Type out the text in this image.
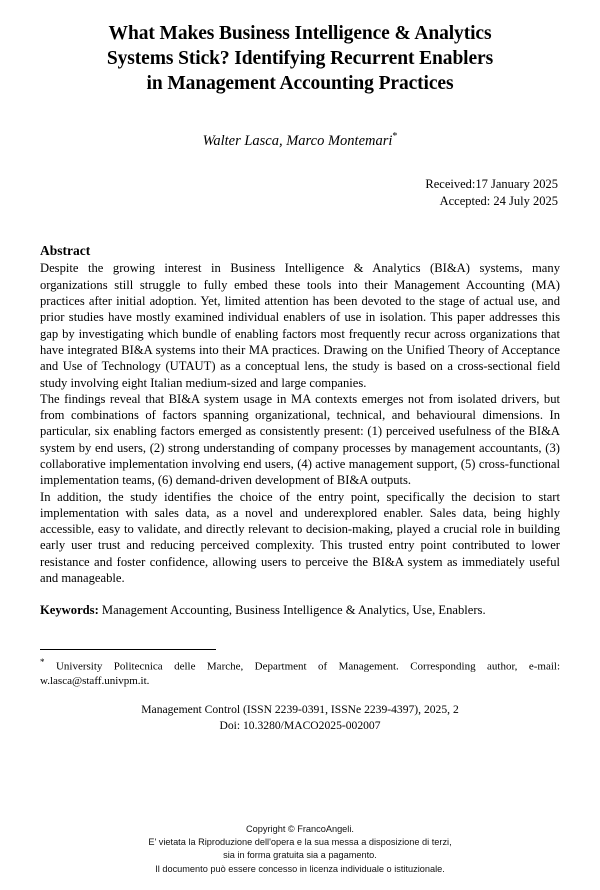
What Makes Business Intelligence & Analytics
Systems Stick? Identifying Recurrent Enablers
in Management Accounting Practices
Walter Lasca, Marco Montemari*
Received:17 January 2025
Accepted: 24 July 2025
Abstract

Despite the growing interest in Business Intelligence & Analytics (BI&A) systems, many organizations still struggle to fully embed these tools into their Management Accounting (MA) practices after initial adoption. Yet, limited attention has been devoted to the stage of actual use, and prior studies have mostly examined individual enablers of use in isolation. This paper addresses this gap by investigating which bundle of enabling factors most frequently recur across organizations that have integrated BI&A systems into their MA practices. Drawing on the Unified Theory of Acceptance and Use of Technology (UTAUT) as a conceptual lens, the study is based on a cross-sectional field study involving eight Italian medium-sized and large companies.

The findings reveal that BI&A system usage in MA contexts emerges not from isolated drivers, but from combinations of factors spanning organizational, technical, and behavioural dimensions. In particular, six enabling factors emerged as consistently present: (1) perceived usefulness of the BI&A system by end users, (2) strong understanding of company processes by management accountants, (3) collaborative implementation involving end users, (4) active management support, (5) cross-functional implementation teams, (6) demand-driven development of BI&A outputs.

In addition, the study identifies the choice of the entry point, specifically the decision to start implementation with sales data, as a novel and underexplored enabler. Sales data, being highly accessible, easy to validate, and directly relevant to decision-making, played a crucial role in building early user trust and reducing perceived complexity. This trusted entry point contributed to lower resistance and foster confidence, allowing users to perceive the BI&A system as immediately useful and manageable.

Keywords: Management Accounting, Business Intelligence & Analytics, Use, Enablers.

* University Politecnica delle Marche, Department of Management. Corresponding author, e-mail: w.lasca@staff.univpm.it.

Management Control (ISSN 2239-0391, ISSNe 2239-4397), 2025, 2
Doi: 10.3280/MACO2025-002007
Copyright © FrancoAngeli.
E' vietata la Riproduzione dell'opera e la sua messa a disposizione di terzi,
sia in forma gratuita sia a pagamento.
Il documento può essere concesso in licenza individuale o istituzionale.
